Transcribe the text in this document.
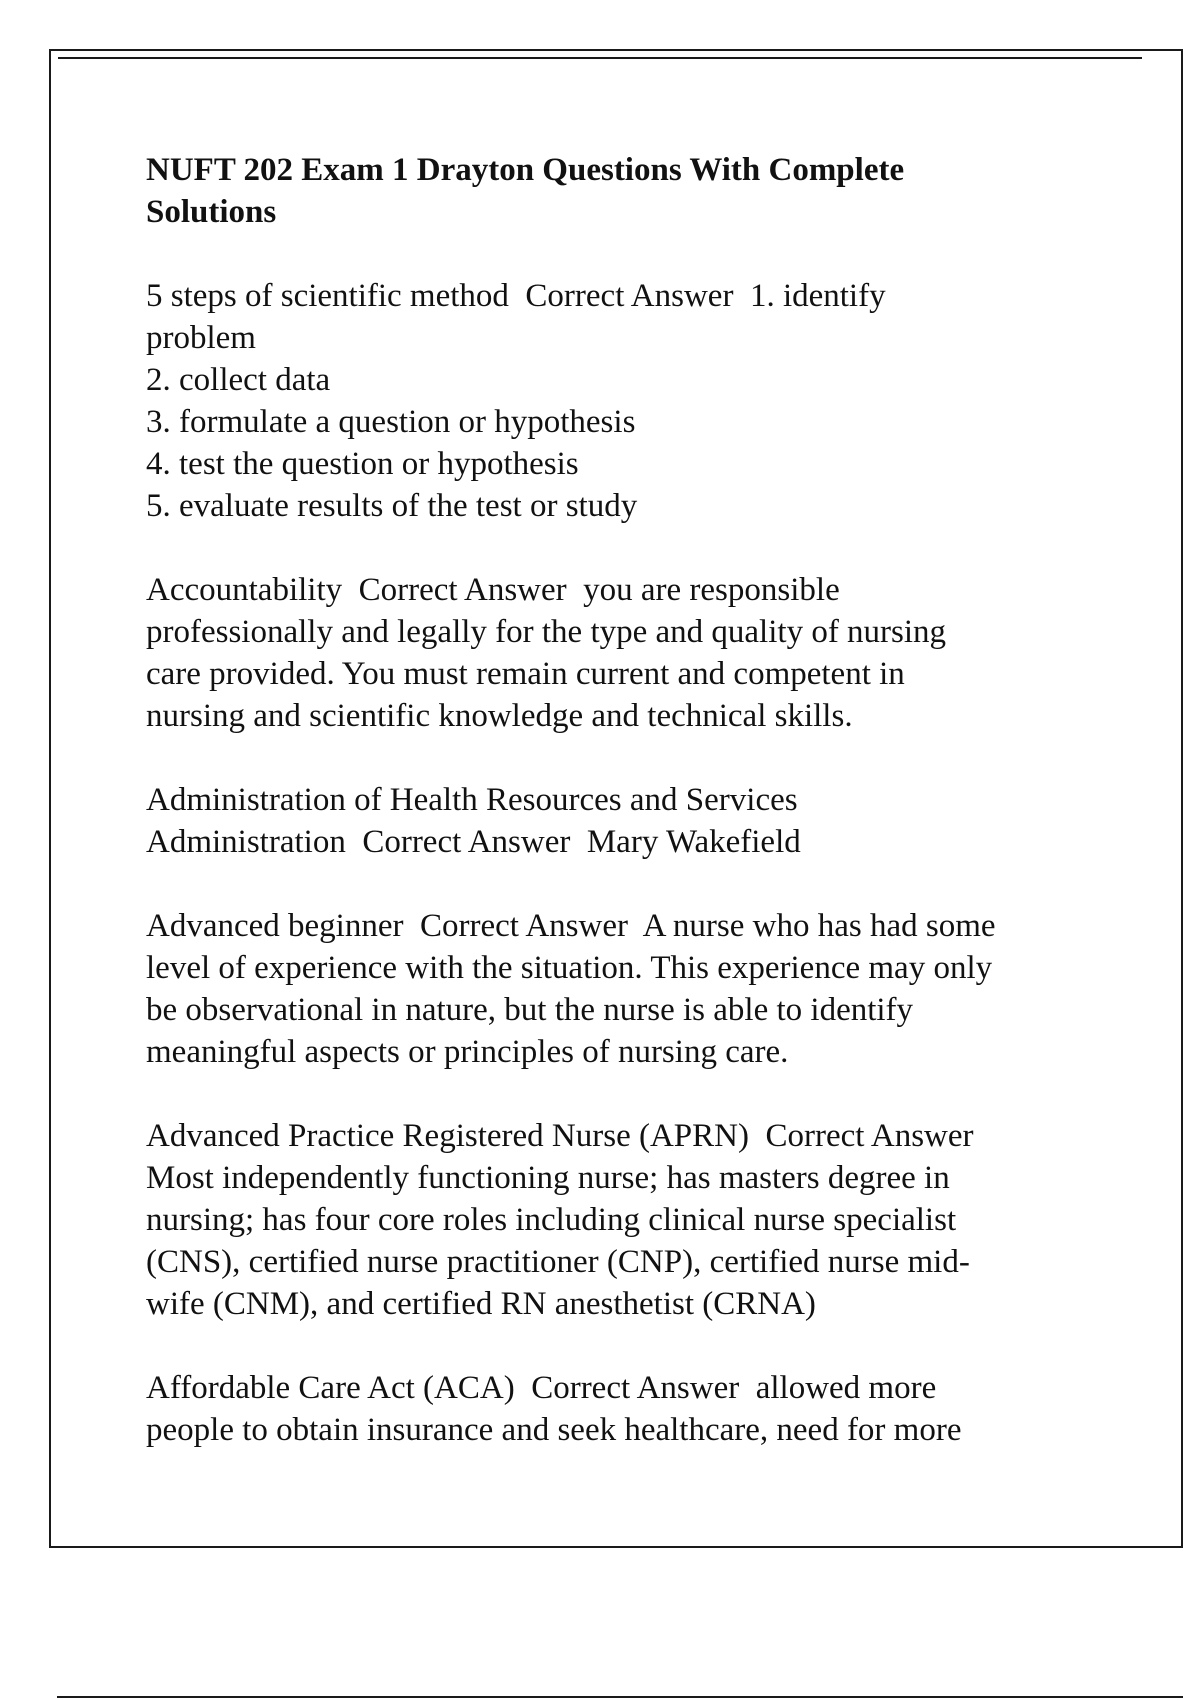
NUFT 202 Exam 1 Drayton Questions With Complete
Solutions
5 steps of scientific method  Correct Answer  1. identify
problem
2. collect data
3. formulate a question or hypothesis
4. test the question or hypothesis
5. evaluate results of the test or study
Accountability  Correct Answer  you are responsible
professionally and legally for the type and quality of nursing
care provided. You must remain current and competent in
nursing and scientific knowledge and technical skills.
Administration of Health Resources and Services
Administration  Correct Answer  Mary Wakefield
Advanced beginner  Correct Answer  A nurse who has had some
level of experience with the situation. This experience may only
be observational in nature, but the nurse is able to identify
meaningful aspects or principles of nursing care.
Advanced Practice Registered Nurse (APRN)  Correct Answer
Most independently functioning nurse; has masters degree in
nursing; has four core roles including clinical nurse specialist
(CNS), certified nurse practitioner (CNP), certified nurse mid-
wife (CNM), and certified RN anesthetist (CRNA)
Affordable Care Act (ACA)  Correct Answer  allowed more
people to obtain insurance and seek healthcare, need for more
